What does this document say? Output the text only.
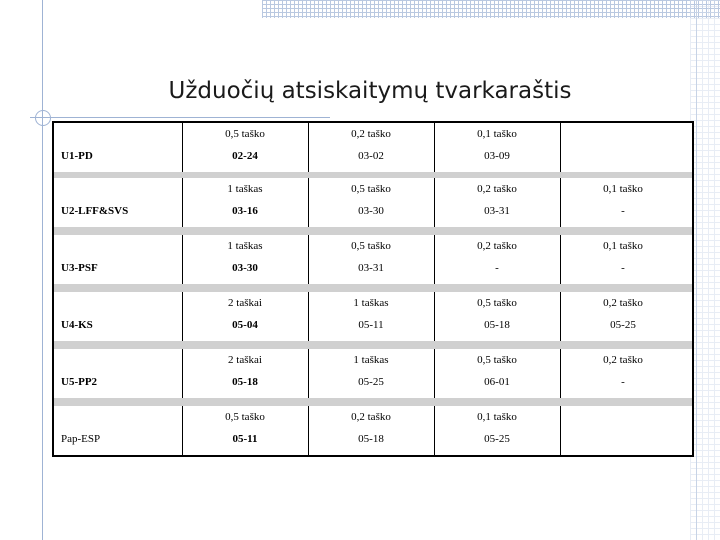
Užduočių atsiskaitymų tvarkaraštis
U1-PD
0,5 taško
02-24
0,2 taško
03-02
0,1 taško
03-09
U2-LFF&SVS
1 taškas
03-16
0,5 taško
03-30
0,2 taško
03-31
0,1 taško
-
U3-PSF
1 taškas
03-30
0,5 taško
03-31
0,2 taško
-
0,1 taško
-
U4-KS
2 taškai
05-04
1 taškas
05-11
0,5 taško
05-18
0,2 taško
05-25
U5-PP2
2 taškai
05-18
1 taškas
05-25
0,5 taško
06-01
0,2 taško
-
Pap-ESP
0,5 taško
05-11
0,2 taško
05-18
0,1 taško
05-25
